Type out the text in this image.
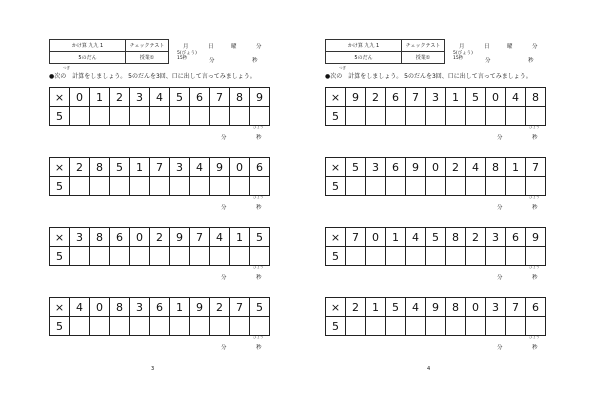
かけ算 九九 1	チェックテスト
5のだん	授業①
月	日	曜	分
5(びょう)
15秒	分	秒
つぎ
●次の　計算をしましょう。 5のだんを3回、口に出して言ってみましょう。
×	0	1	2	3	4	5	6	7	8	9
5										
びょう
分	秒
×	2	8	5	1	7	3	4	9	0	6
5										
びょう
分	秒
×	3	8	6	0	2	9	7	4	1	5
5										
びょう
分	秒
×	4	0	8	3	6	1	9	2	7	5
5										
びょう
分	秒
3
かけ算 九九 1	チェックテスト
5のだん	授業①
月	日	曜	分
5(びょう)
15秒	分	秒
つぎ
●次の　計算をしましょう。 5のだんを3回、口に出して言ってみましょう。
×	9	2	6	7	3	1	5	0	4	8
5										
びょう
分	秒
×	5	3	6	9	0	2	4	8	1	7
5										
びょう
分	秒
×	7	0	1	4	5	8	2	3	6	9
5										
びょう
分	秒
×	2	1	5	4	9	8	0	3	7	6
5										
びょう
分	秒
4
